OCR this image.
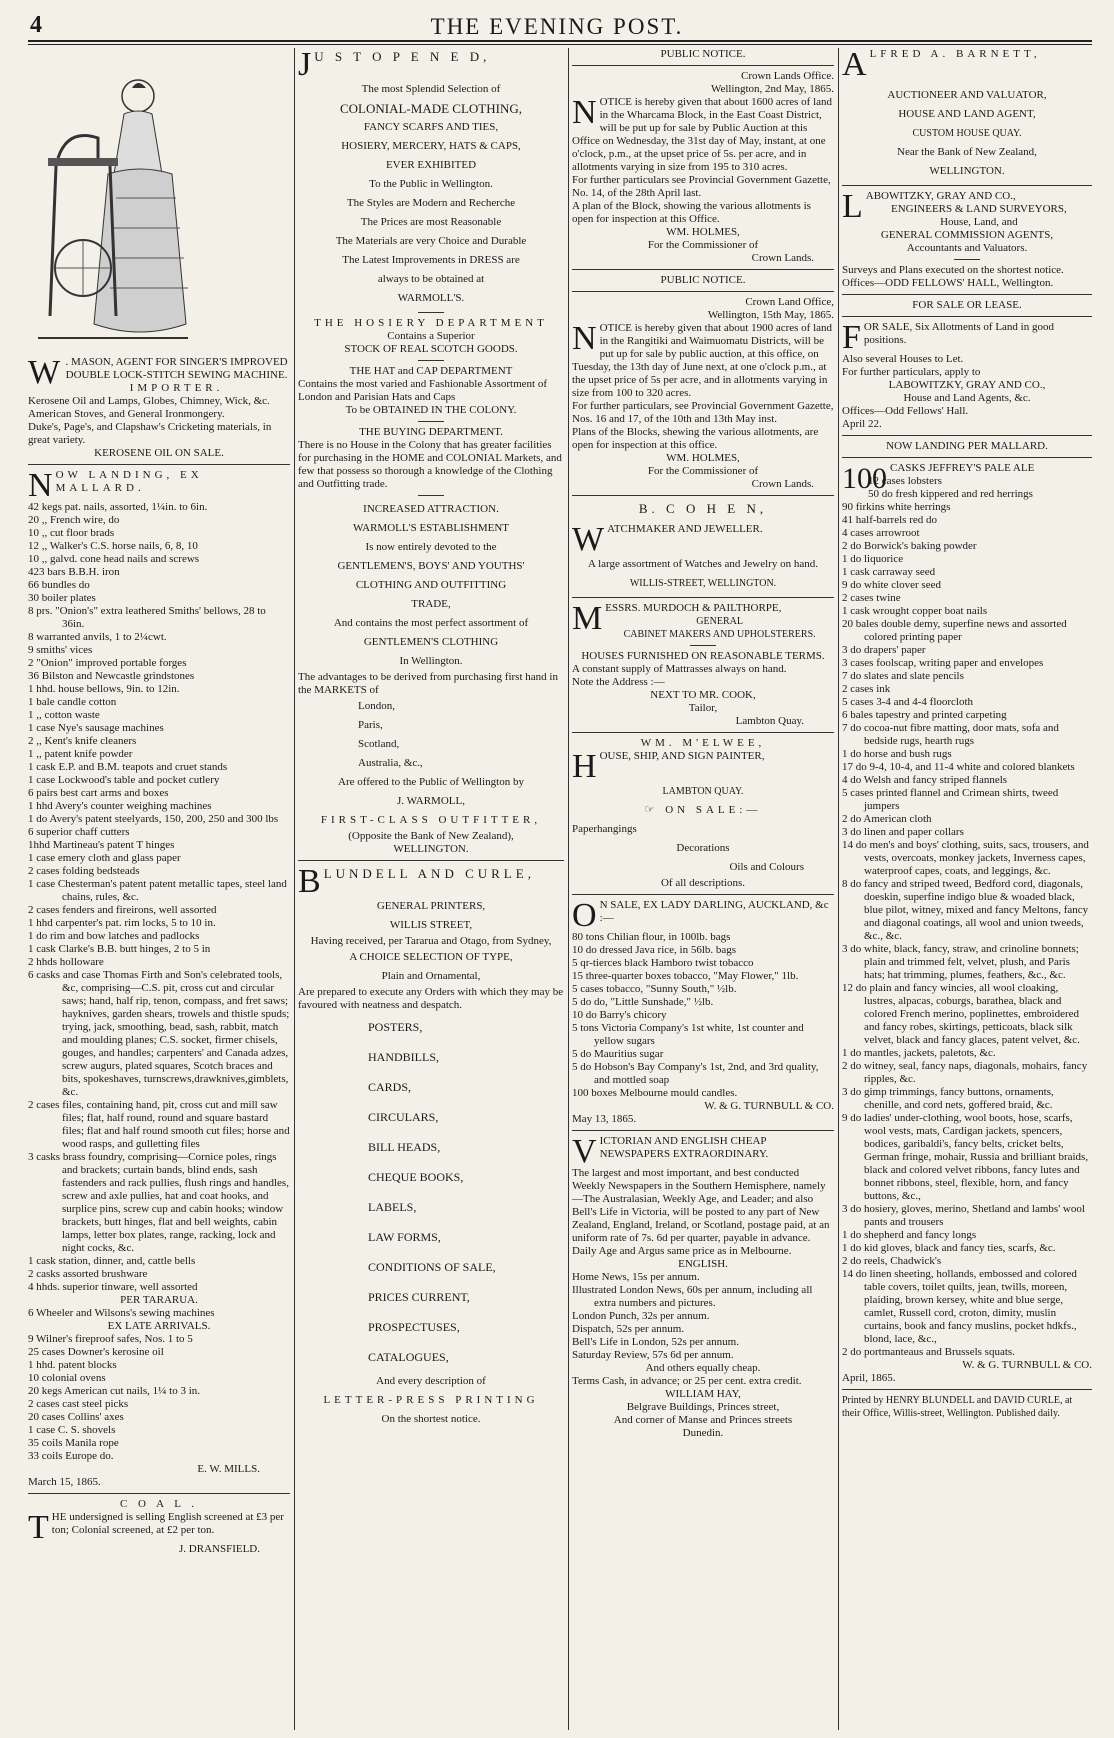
4	THE EVENING POST.
W . MASON, AGENT FOR SINGER'S IMPROVED DOUBLE LOCK-STITCH SEWING MACHINE.
IMPORTER.
Kerosene Oil and Lamps, Globes, Chimney, Wick, &c. American Stoves, and General Ironmongery.
Duke's, Page's, and Clapshaw's Cricketing materials, in great variety.
KEROSENE OIL ON SALE.
N OW LANDING, EX MALLARD.
42 kegs pat. nails, assorted, 1¼in. to 6in.
20 ,, French wire, do
10 ,, cut floor brads
12 ,, Walker's C.S. horse nails, 6, 8, 10
10 ,, galvd. cone head nails and screws
423 bars B.B.H. iron
66 bundles do
30 boiler plates
8 prs. "Onion's" extra leathered Smiths' bellows, 28 to 36in.
8 warranted anvils, 1 to 2¼cwt.
9 smiths' vices
2 "Onion" improved portable forges
36 Bilston and Newcastle grindstones
1 hhd. house bellows, 9in. to 12in.
1 bale candle cotton
1 ,, cotton waste
1 case Nye's sausage machines
2 ,, Kent's knife cleaners
1 ,, patent knife powder
1 cask E.P. and B.M. teapots and cruet stands
1 case Lockwood's table and pocket cutlery
6 pairs best cart arms and boxes
1 hhd Avery's counter weighing machines
1 do Avery's patent steelyards, 150, 200, 250 and 300 lbs
6 superior chaff cutters
1hhd Martineau's patent T hinges
1 case emery cloth and glass paper
2 cases folding bedsteads
1 case Chesterman's patent patent metallic tapes, steel land chains, rules, &c.
2 cases fenders and fireirons, well assorted
1 hhd carpenter's pat. rim locks, 5 to 10 in.
1 do rim and bow latches and padlocks
1 cask Clarke's B.B. butt hinges, 2 to 5 in
2 hhds holloware
6 casks and case Thomas Firth and Son's celebrated tools, &c, comprising—C.S. pit, cross cut and circular saws; hand, half rip, tenon, compass, and fret saws; hayknives, garden shears, trowels and thistle spuds; trying, jack, smoothing, bead, sash, rabbit, match and moulding planes; C.S. socket, firmer chisels, gouges, and handles; carpenters' and Canada adzes, screw augurs, plated squares, Scotch braces and bits, spokeshaves, turnscrews,drawknives,gimblets, &c.
2 cases files, containing hand, pit, cross cut and mill saw files; flat, half round, round and square bastard files; flat and half round smooth cut files; horse and wood rasps, and gulletting files
3 casks brass foundry, comprising—Cornice poles, rings and brackets; curtain bands, blind ends, sash fastenders and rack pullies, flush rings and handles, screw and axle pullies, hat and coat hooks, and surplice pins, screw cup and cabin hooks; window brackets, butt hinges, flat and bell weights, cabin lamps, letter box plates, range, racking, lock and night cocks, &c.
1 cask station, dinner, and, cattle bells
2 casks assorted brushware
4 hhds. superior tinware, well assorted
PER TARARUA.
6 Wheeler and Wilsons's sewing machines
EX LATE ARRIVALS.
9 Wilner's fireproof safes, Nos. 1 to 5
25 cases Downer's kerosine oil
1 hhd. patent blocks
10 colonial ovens
20 kegs American cut nails, 1¼ to 3 in.
2 cases cast steel picks
20 cases Collins' axes
1 case C. S. shovels
35 coils Manila rope
33 coils Europe do.
E. W. MILLS.
March 15, 1865.
C O A L .
T HE undersigned is selling English screened at £3 per ton; Colonial screened, at £2 per ton.
J. DRANSFIELD.
J U S T O P E N E D,
The most Splendid Selection of
COLONIAL-MADE CLOTHING,
FANCY SCARFS AND TIES,
HOSIERY, MERCERY, HATS & CAPS,
EVER EXHIBITED
To the Public in Wellington.
The Styles are Modern and Recherche
The Prices are most Reasonable
The Materials are very Choice and Durable
The Latest Improvements in DRESS are
always to be obtained at
WARMOLL'S.
THE HOSIERY DEPARTMENT
Contains a Superior
STOCK OF REAL SCOTCH GOODS.
THE HAT and CAP DEPARTMENT
Contains the most varied and Fashionable Assortment of London and Parisian Hats and Caps
To be OBTAINED IN THE COLONY.
THE BUYING DEPARTMENT.
There is no House in the Colony that has greater facilities for purchasing in the HOME and COLONIAL Markets, and few that possess so thorough a knowledge of the Clothing and Outfitting trade.
INCREASED ATTRACTION.
WARMOLL'S ESTABLISHMENT
Is now entirely devoted to the
GENTLEMEN'S, BOYS' AND YOUTHS'
CLOTHING AND OUTFITTING
TRADE,
And contains the most perfect assortment of
GENTLEMEN'S CLOTHING
In Wellington.
The advantages to be derived from purchasing first hand in the MARKETS of
London,
Paris,
Scotland,
Australia, &c.,
Are offered to the Public of Wellington by
J. WARMOLL,
FIRST-CLASS OUTFITTER,
(Opposite the Bank of New Zealand),
WELLINGTON.
B LUNDELL AND CURLE,
GENERAL PRINTERS,
WILLIS STREET,
Having received, per Tararua and Otago, from Sydney,
A CHOICE SELECTION OF TYPE,
Plain and Ornamental,
Are prepared to execute any Orders with which they may be favoured with neatness and despatch.
POSTERS,
HANDBILLS,
CARDS,
CIRCULARS,
BILL HEADS,
CHEQUE BOOKS,
LABELS,
LAW FORMS,
CONDITIONS OF SALE,
PRICES CURRENT,
PROSPECTUSES,
CATALOGUES,
And every description of
LETTER-PRESS PRINTING
On the shortest notice.
PUBLIC NOTICE.
Crown Lands Office.
Wellington, 2nd May, 1865.
N OTICE is hereby given that about 1600 acres of land in the Wharcama Block, in the East Coast District, will be put up for sale by Public Auction at this Office on Wednesday, the 31st day of May, instant, at one o'clock, p.m., at the upset price of 5s. per acre, and in allotments varying in size from 195 to 310 acres.
For further particulars see Provincial Government Gazette, No. 14, of the 28th April last.
A plan of the Block, showing the various allotments is open for inspection at this Office.
WM. HOLMES,
For the Commissioner of
Crown Lands.
PUBLIC NOTICE.
Crown Land Office,
Wellington, 15th May, 1865.
N OTICE is hereby given that about 1900 acres of land in the Rangitiki and Waimuomatu Districts, will be put up for sale by public auction, at this office, on Tuesday, the 13th day of June next, at one o'clock p.m., at the upset price of 5s per acre, and in allotments varying in size from 100 to 320 acres.
For further particulars, see Provincial Government Gazette, Nos. 16 and 17, of the 10th and 13th May inst.
Plans of the Blocks, shewing the various allotments, are open for inspection at this office.
WM. HOLMES,
For the Commissioner of
Crown Lands.
B. C O H E N,
W ATCHMAKER AND JEWELLER.
A large assortment of Watches and Jewelry on hand.
WILLIS-STREET, WELLINGTON.
M ESSRS. MURDOCH & PAILTHORPE,
GENERAL
CABINET MAKERS AND UPHOLSTERERS.
HOUSES FURNISHED ON REASONABLE TERMS.
A constant supply of Mattrasses always on hand.
Note the Address :—
NEXT TO MR. COOK,
Tailor,
Lambton Quay.
WM. M'ELWEE,
H OUSE, SHIP, AND SIGN PAINTER,
LAMBTON QUAY.
☞ ON SALE:—
Paperhangings
Decorations
Oils and Colours
Of all descriptions.
O N SALE, EX LADY DARLING, AUCKLAND, &c :—
80 tons Chilian flour, in 100lb. bags
10 do dressed Java rice, in 56lb. bags
5 qr-tierces black Hamboro twist tobacco
15 three-quarter boxes tobacco, "May Flower," 1lb.
5 cases tobacco, "Sunny South," ½lb.
5 do do, "Little Sunshade," ½lb.
10 do Barry's chicory
5 tons Victoria Company's 1st white, 1st counter and yellow sugars
5 do Mauritius sugar
5 do Hobson's Bay Company's 1st, 2nd, and 3rd quality, and mottled soap
100 boxes Melbourne mould candles.
W. & G. TURNBULL & CO.
May 13, 1865.
V ICTORIAN AND ENGLISH CHEAP NEWSPAPERS EXTRAORDINARY.
The largest and most important, and best conducted Weekly Newspapers in the Southern Hemisphere, namely—The Australasian, Weekly Age, and Leader; and also Bell's Life in Victoria, will be posted to any part of New Zealand, England, Ireland, or Scotland, postage paid, at an uniform rate of 7s. 6d per quarter, payable in advance.
Daily Age and Argus same price as in Melbourne.
ENGLISH.
Home News, 15s per annum.
Illustrated London News, 60s per annum, including all extra numbers and pictures.
London Punch, 32s per annum.
Dispatch, 52s per annum.
Bell's Life in London, 52s per annum.
Saturday Review, 57s 6d per annum.
And others equally cheap.
Terms Cash, in advance; or 25 per cent. extra credit.
WILLIAM HAY,
Belgrave Buildings, Princes street,
And corner of Manse and Princes streets
Dunedin.
A LFRED A. BARNETT,
AUCTIONEER AND VALUATOR,
HOUSE AND LAND AGENT,
CUSTOM HOUSE QUAY.
Near the Bank of New Zealand,
WELLINGTON.
L ABOWITZKY, GRAY AND CO.,
ENGINEERS & LAND SURVEYORS,
House, Land, and
GENERAL COMMISSION AGENTS,
Accountants and Valuators.
Surveys and Plans executed on the shortest notice.
Offices—ODD FELLOWS' HALL, Wellington.
FOR SALE OR LEASE.
F OR SALE, Six Allotments of Land in good positions.
Also several Houses to Let.
For further particulars, apply to
LABOWITZKY, GRAY AND CO.,
House and Land Agents, &c.
Offices—Odd Fellows' Hall.
April 22.
NOW LANDING PER MALLARD.
100 CASKS JEFFREY'S PALE ALE
12 cases lobsters
50 do fresh kippered and red herrings
90 firkins white herrings
41 half-barrels red do
4 cases arrowroot
2 do Borwick's baking powder
1 do liquorice
1 cask carraway seed
9 do white clover seed
2 cases twine
1 cask wrought copper boat nails
20 bales double demy, superfine news and assorted colored printing paper
3 do drapers' paper
3 cases foolscap, writing paper and envelopes
7 do slates and slate pencils
2 cases ink
5 cases 3-4 and 4-4 floorcloth
6 bales tapestry and printed carpeting
7 do cocoa-nut fibre matting, door mats, sofa and bedside rugs, hearth rugs
1 do horse and bush rugs
17 do 9-4, 10-4, and 11-4 white and colored blankets
4 do Welsh and fancy striped flannels
5 cases printed flannel and Crimean shirts, tweed jumpers
2 do American cloth
3 do linen and paper collars
14 do men's and boys' clothing, suits, sacs, trousers, and vests, overcoats, monkey jackets, Inverness capes, waterproof capes, coats, and leggings, &c.
8 do fancy and striped tweed, Bedford cord, diagonals, doeskin, superfine indigo blue & woaded black, blue pilot, witney, mixed and fancy Meltons, fancy and diagonal coatings, all wool and union tweeds, &c., &c.
3 do white, black, fancy, straw, and crinoline bonnets; plain and trimmed felt, velvet, plush, and Paris hats; hat trimming, plumes, feathers, &c., &c.
12 do plain and fancy wincies, all wool cloaking, lustres, alpacas, coburgs, barathea, black and colored French merino, poplinettes, embroidered and fancy robes, skirtings, petticoats, black silk velvet, black and fancy glaces, patent velvet, &c.
1 do mantles, jackets, paletots, &c.
2 do witney, seal, fancy naps, diagonals, mohairs, fancy ripples, &c.
3 do gimp trimmings, fancy buttons, ornaments, chenille, and cord nets, goffered braid, &c.
9 do ladies' under-clothing, wool boots, hose, scarfs, wool vests, mats, Cardigan jackets, spencers, bodices, garibaldi's, fancy belts, cricket belts, German fringe, mohair, Russia and brilliant braids, black and colored velvet ribbons, fancy lutes and bonnet ribbons, steel, flexible, horn, and fancy buttons, &c.,
3 do hosiery, gloves, merino, Shetland and lambs' wool pants and trousers
1 do shepherd and fancy longs
1 do kid gloves, black and fancy ties, scarfs, &c.
2 do reels, Chadwick's
14 do linen sheeting, hollands, embossed and colored table covers, toilet quilts, jean, twills, moreen, plaiding, brown kersey, white and blue serge, camlet, Russell cord, croton, dimity, muslin curtains, book and fancy muslins, pocket hdkfs., blond, lace, &c.,
2 do portmanteaus and Brussels squats.
W. & G. TURNBULL & CO.
April, 1865.
Printed by HENRY BLUNDELL and DAVID CURLE, at their Office, Willis-street, Wellington. Published daily.
